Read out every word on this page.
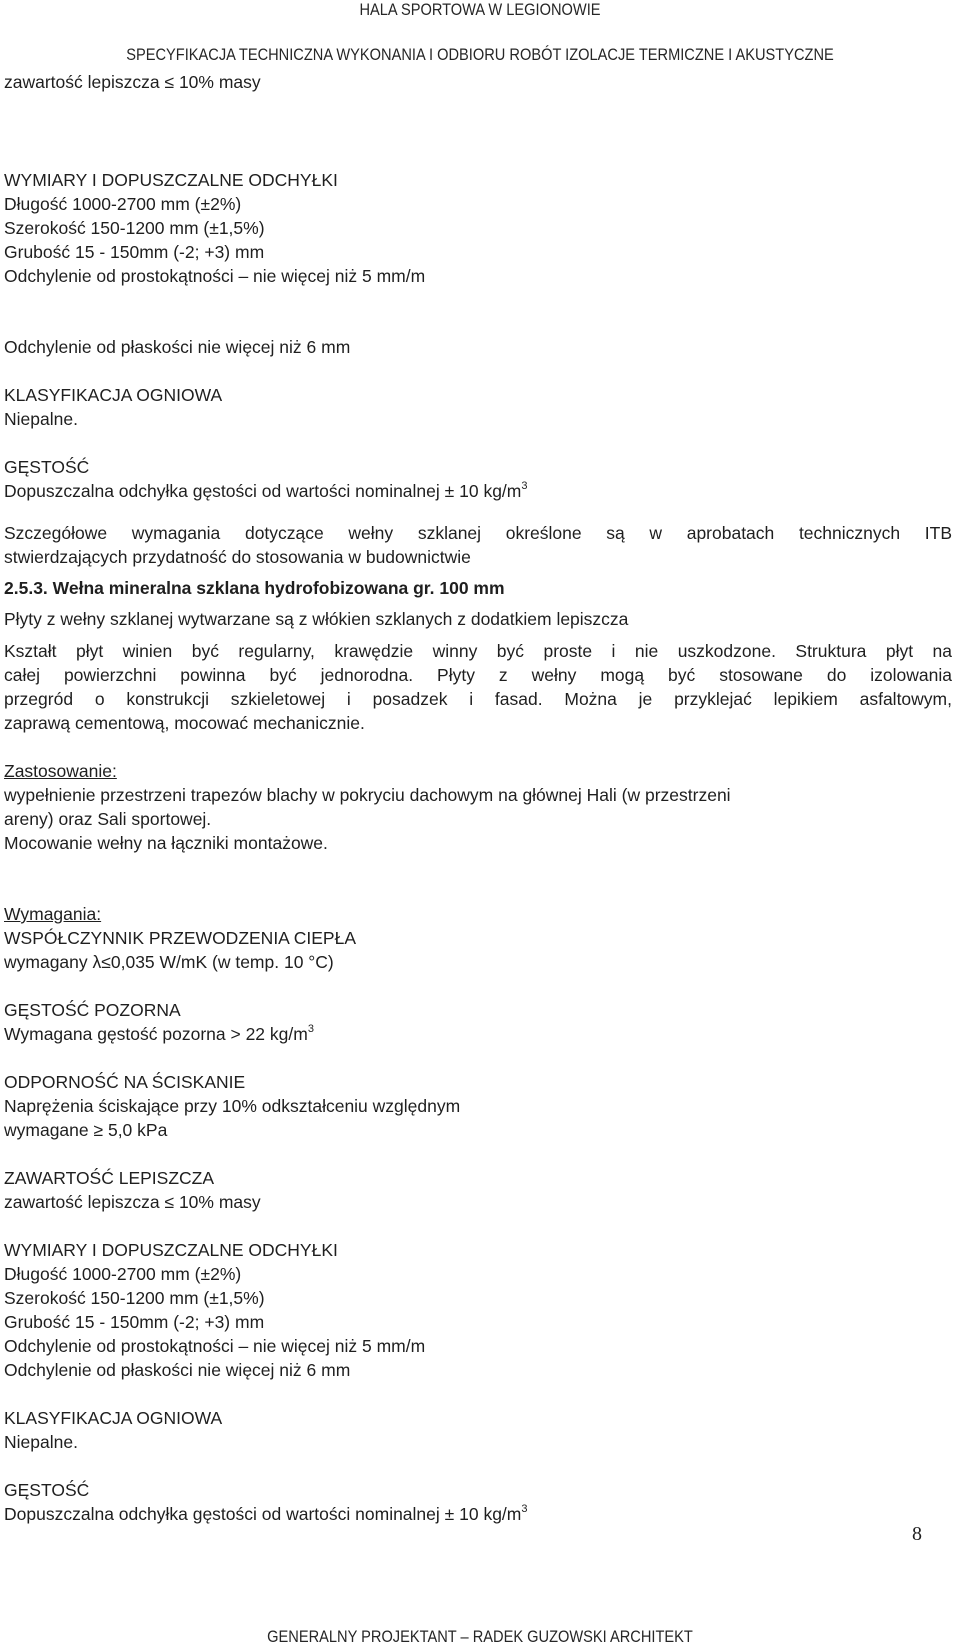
HALA SPORTOWA W LEGIONOWIE
SPECYFIKACJA TECHNICZNA WYKONANIA I ODBIORU ROBÓT IZOLACJE TERMICZNE I AKUSTYCZNE
zawartość lepiszcza ≤ 10% masy
WYMIARY I DOPUSZCZALNE ODCHYŁKI
Długość 1000-2700 mm (±2%)
Szerokość 150-1200 mm (±1,5%)
Grubość 15 - 150mm (-2; +3) mm
Odchylenie od prostokątności – nie więcej niż 5 mm/m
Odchylenie od płaskości nie więcej niż 6 mm
KLASYFIKACJA OGNIOWA
Niepalne.
GĘSTOŚĆ
Dopuszczalna odchyłka gęstości od wartości nominalnej ± 10 $kg/m^3$
Szczegółowe wymagania dotyczące wełny szklanej określone są w aprobatach technicznych ITB
stwierdzających przydatność do stosowania w budownictwie
2.5.3. Wełna mineralna szklana hydrofobizowana gr. 100 mm
Płyty z wełny szklanej wytwarzane są z włókien szklanych z dodatkiem lepiszcza
Kształt płyt winien być regularny, krawędzie winny być proste i nie uszkodzone. Struktura płyt na
całej powierzchni powinna być jednorodna. Płyty z wełny mogą być stosowane do izolowania
przegród o konstrukcji szkieletowej i posadzek i fasad. Można je przyklejać lepikiem asfaltowym,
zaprawą cementową, mocować mechanicznie.
Zastosowanie:
wypełnienie przestrzeni trapezów blachy w pokryciu dachowym na głównej Hali (w przestrzeni
areny) oraz Sali sportowej.
Mocowanie wełny na łączniki montażowe.
Wymagania:
WSPÓŁCZYNNIK PRZEWODZENIA CIEPŁA
wymagany λ≤0,035 W/mK (w temp. 10 °C)
GĘSTOŚĆ POZORNA
Wymagana gęstość pozorna > 22 $kg/m^3$
ODPORNOŚĆ NA ŚCISKANIE
Naprężenia ściskające przy 10% odkształceniu względnym
wymagane ≥ 5,0 kPa
ZAWARTOŚĆ LEPISZCZA
zawartość lepiszcza ≤ 10% masy
WYMIARY I DOPUSZCZALNE ODCHYŁKI
Długość 1000-2700 mm (±2%)
Szerokość 150-1200 mm (±1,5%)
Grubość 15 - 150mm (-2; +3) mm
Odchylenie od prostokątności – nie więcej niż 5 mm/m
Odchylenie od płaskości nie więcej niż 6 mm
KLASYFIKACJA OGNIOWA
Niepalne.
GĘSTOŚĆ
Dopuszczalna odchyłka gęstości od wartości nominalnej ± 10 $kg/m^3$
8
GENERALNY PROJEKTANT – RADEK GUZOWSKI ARCHITEKT
